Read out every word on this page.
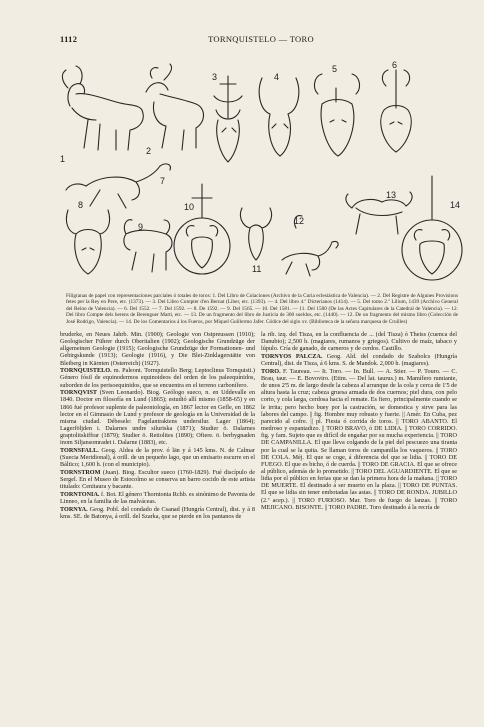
1112	TORNQUISTELO — TORO
1
2
3	4
5	6
7
8
9
10
11
12
13
14
Filigranas de papel con representaciones parciales ó totales de toros: 1. Del Libro de Colaciones (Archivo de la Curia eclesiástica de Valencia). — 2. Del Registre de Algunes Provisions fetes per la Rey en Pere, etc. (1373). — 3. Del Libro Compter d'en Bernat (Liber, etc. (1393). — 4. Del libro 4.º Dicterianos (1414). — 5. Del tomo 2.º Lilium, 1439 (Archivo General del Reino de Valencia). — 6. Del 1552. — 7. Del 1592. — 8. De 1592. — 9. Del 1565. — 10. Del 1581. — 11. Del 1500 (De las Actes Capitulares de la Catedral de Valencia). — 12. Del libro Compte dels herens de Berenguer Marti, etc. — 13. De un fragmento del libro de Justicia de 300 sueldos, etc. (1440). — 12. De un fragmento del mismo libro (Colección de José Rodrigo, Valencia). — 14. De los Comentarios á los Fueros, por Miquel Guillermo Jafer. Códice del siglo xv. (Biblioteca de la señora marquesa de Cruilles)

bruderke, en Neues Jahrb. Min. (1900); Geologie von Ostpreussen (1910); Geologischer Führer durch Oberitalien (1902); Geologische Grundzüge der allgemeinen Geologie (1915); Geologische Grundzüge der Formationen- und Gebirgskunde (1913); Geologie (1916), y Die Blei-Zinklagerstätte von Bleiberg in Kärnten (Osterreich) (1927).

TORNQUISTELO. m. Paleont. Tornquistello Berg; Leptoclinus Tornquisti.) Género fósil de equinodermos equinoideos del orden de los paleequínidos, suborden de los perisoequinidos, que se encuentra en el terreno carbonífero.

TORNQVIST (Sven Leonardo). Biog. Geólogo sueco, n. en Uddevalle en 1840. Doctor en filosofía en Lund (1865); estudió allí mismo (1858-65) y en 1866 fué profesor suplente de paleontología, en 1867 lector en Gefle, en 1862 lector en el Gimnasio de Lund y profesor de geología en la Universidad de la misma ciudad. Débesele: Fagelantraktens undersilur. Lager (1864); Lagerföljden i. Dalarnes undre siluriska (1871); Studier ö. Dalarnes graptolitskiffrar (1879); Studier ö. Retiolites (1890); Oftere. ö. berbygnaden inom Siljansomradet i. Dalarne (1883), etc.

TORNSFALL. Geog. Aldea de la prov. ó län y á 145 kms. N. de Calmar (Suecia Meridional), á orill. de un pequeño lago, que un emisario escurre en el Báltico; 1,600 h. (con el municipio).

TORNSTROM (Juan). Biog. Escultor sueco (1760-1829). Fué discípulo de Sergel. En el Museo de Estocolmo se conserva un barro cocido de este artista titulado: Cenitaura y bacante.

TORNTONIA. f. Bot. El género Thorntonia Rchb. es sinónimo de Pavonia de Linneo, en la familia de las malváceas.

TORNYA. Geog. Pobl. del condado de Csanad (Hungría Central), dist. y á 8 kms. SE. de Batonya, á orill. del Szarka, que se pierde en los pantanos de

la rib. izq. del Tisza, en la confluencia de ... (del Tisza) ó Theiss (cuenca del Danubio); 2,500 h. (magiares, rumanos y griegos). Cultivo de maíz, tabaco y lúpulo. Cría de ganado, de carneros y de cerdos. Castillo.

TORNYOS PALCZA. Geog. Ald. del condado de Szabolcs (Hungría Central), dist. de Tisza, á 6 kms. S. de Mandok. 2,000 h. (magiares).

TORO. F. Taureau. — It. Toro. — In. Bull. — A. Stier. — P. Touro. — C. Brau, taur. — E. Bovoviro. (Etim. — Del lat. taurus.) m. Mamífero rumiante, de unos 2'5 m. de largo desde la cabeza al arranque de la cola y cerca de 1'5 de altura hasta la cruz; cabeza gruesa armada de dos cuernos; piel dura, con pelo corto, y cola larga, cerdosa hacia el remate. Es fiero, principalmente cuando se le irrita; pero hecho buey por la castración, se domestica y sirve para las labores del campo. || fig. Hombre muy robusto y fuerte. || Amér. En Cuba, pez parecido al cofre. || pl. Fiesta ó corrida de toros. || TORO ABANTO. El medroso y espantadizo. || TORO BRAVO, ó DE LIDIA. || TORO CORRIDO. fig. y fam. Sujeto que es difícil de engañar por su mucha experiencia. || TORO DE CAMPANILLA. El que lleva colgando de la piel del pescuezo una tiranta por la cual se la quita. Se llaman toros de campanilla los vaqueros. || TORO DE COLA. Méj. El que se coge, á diferencia del que se lidia. || TORO DE FUEGO. El que es bicho, ó de cuerda. || TORO DE GRACIA. El que se ofrece al público, además de lo prometido. || TORO DEL AGUARDIENTE. El que se lidia por el público en ferias que se dan la primera hora de la mañana. || TORO DE MUERTE. El destinado á ser muerto en la plaza. || TORO DE PUNTAS. El que se lidia sin tener embotadas las astas. || TORO DE RONDA. JUBILLO (2.ª acep.). || TORO FURIOSO. Mar. Toro de fuego de lanzas. || TORO MEJICANO. BISONTE. || TORO PADRE. Toro destinado á la recría de
